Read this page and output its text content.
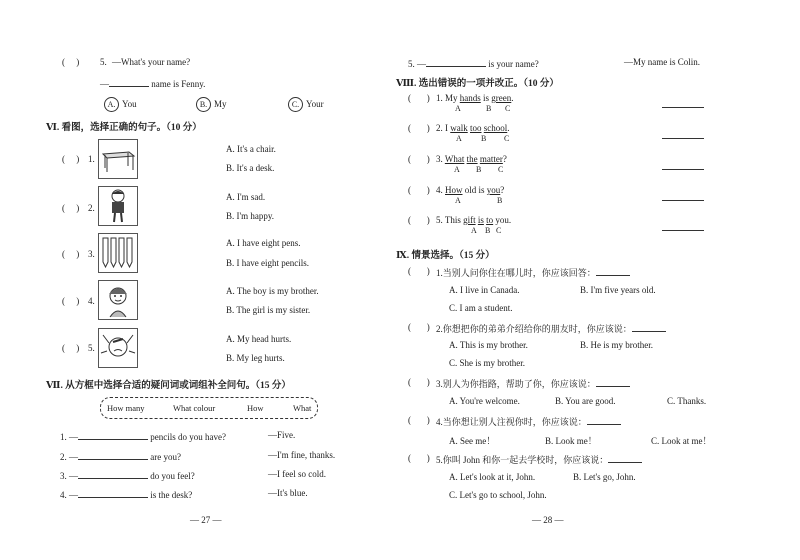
(     ) 5. —What's your name?
—	name is Fenny.
A. You	B. My	C. Your
Ⅵ. 看图，选择正确的句子。（10 分）
(     ) 1.
A. It's a chair.
B. It's a desk.
(     ) 2.
A. I'm sad.
B. I'm happy.
(     ) 3.
A. I have eight pens.
B. I have eight pencils.
(     ) 4.
A. The boy is my brother.
B. The girl is my sister.
(     ) 5.
A. My head hurts.
B. My leg hurts.
Ⅶ. 从方框中选择合适的疑问词或词组补全问句。（15 分）
How many	What colour	How	What
1. —	pencils do you have?	—Five.
2. —	are you?	—I'm fine, thanks.
3. —	do you feel?	—I feel so cold.
4. —	is the desk?	—It's blue.
— 27 —
5. —	is your name?	—My name is Colin.
Ⅷ. 选出错误的一项并改正。（10 分）
(       ) 1. My hands is green.
A	B C
(       ) 2. I walk too school.
A B C
(       ) 3. What the matter?
A B C
(       ) 4. How old is you?
A	B
(       ) 5. This gift is to you.
A B C
Ⅸ. 情景选择。（15 分）
(       ) 1.当别人问你住在哪儿时，你应该回答：
A. I live in Canada.	B. I'm five years old.
C. I am a student.
(       ) 2.你想把你的弟弟介绍给你的朋友时，你应该说：
A. This is my brother.	B. He is my brother.
C. She is my brother.
(       ) 3.别人为你指路，帮助了你，你应该说：
A. You're welcome.	B. You are good.	C. Thanks.
(       ) 4.当你想让别人注视你时，你应该说：
A. See me！	B. Look me！	C. Look at me！
(       ) 5.你叫 John 和你一起去学校时，你应该说：
A. Let's look at it, John.	B. Let's go, John.
C. Let's go to school, John.
— 28 —
